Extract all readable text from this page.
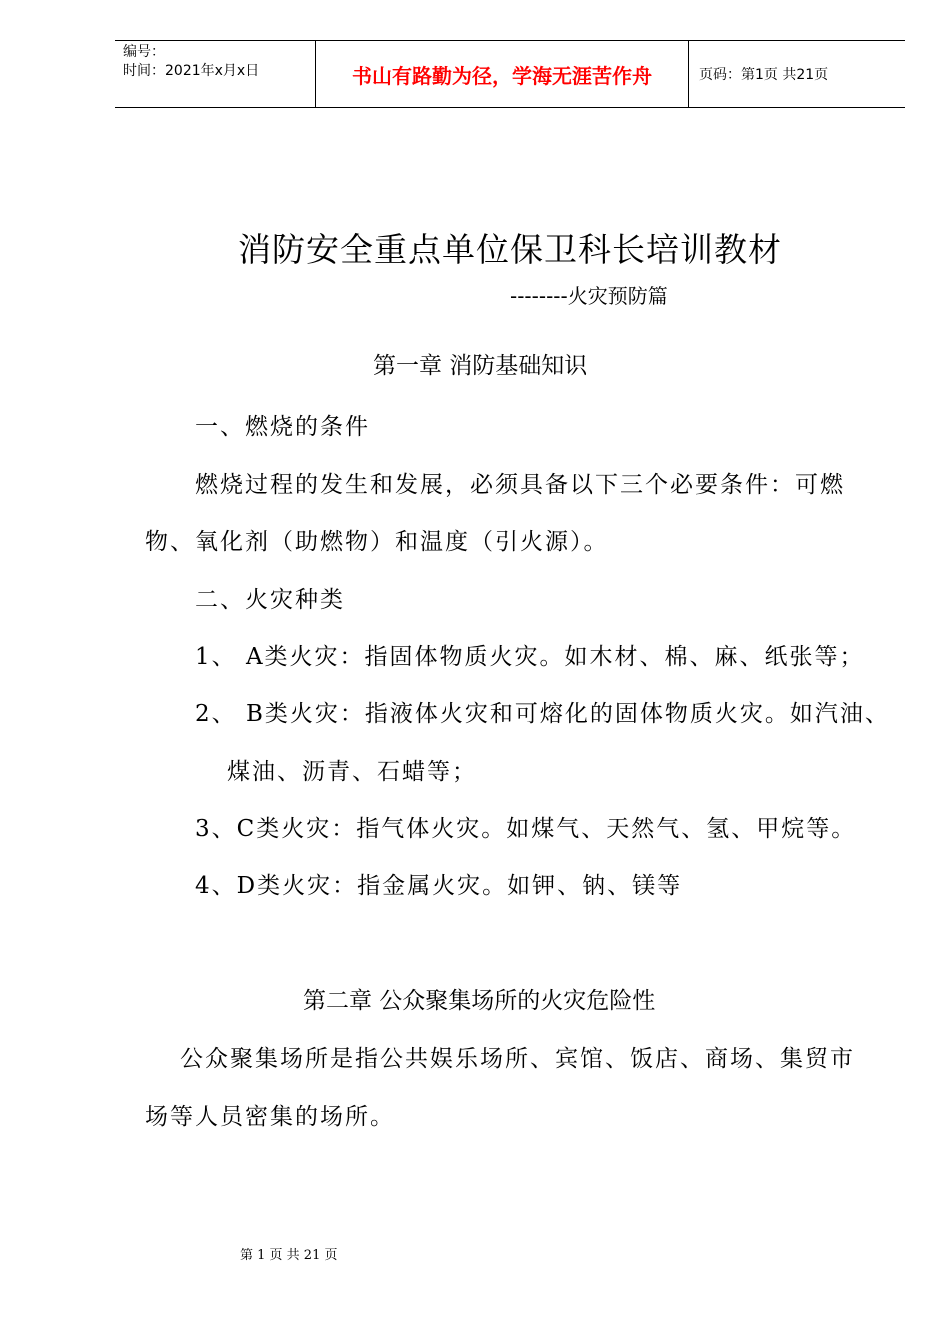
编号：
时间：2021年x月x日	书山有路勤为径，学海无涯苦作舟	页码：第1页 共21页
消防安全重点单位保卫科长培训教材
--------火灾预防篇
第一章 消防基础知识
一、燃烧的条件
燃烧过程的发生和发展，必须具备以下三个必要条件：可燃
物、氧化剂（助燃物）和温度（引火源）。
二、火灾种类
1、 A类火灾：指固体物质火灾。如木材、棉、麻、纸张等；
2、 B类火灾：指液体火灾和可熔化的固体物质火灾。如汽油、
煤油、沥青、石蜡等；
3、C类火灾：指气体火灾。如煤气、天然气、氢、甲烷等。
4、D类火灾：指金属火灾。如钾、钠、镁等
第二章 公众聚集场所的火灾危险性
公众聚集场所是指公共娱乐场所、宾馆、饭店、商场、集贸市
场等人员密集的场所。
第 1 页 共 21 页
